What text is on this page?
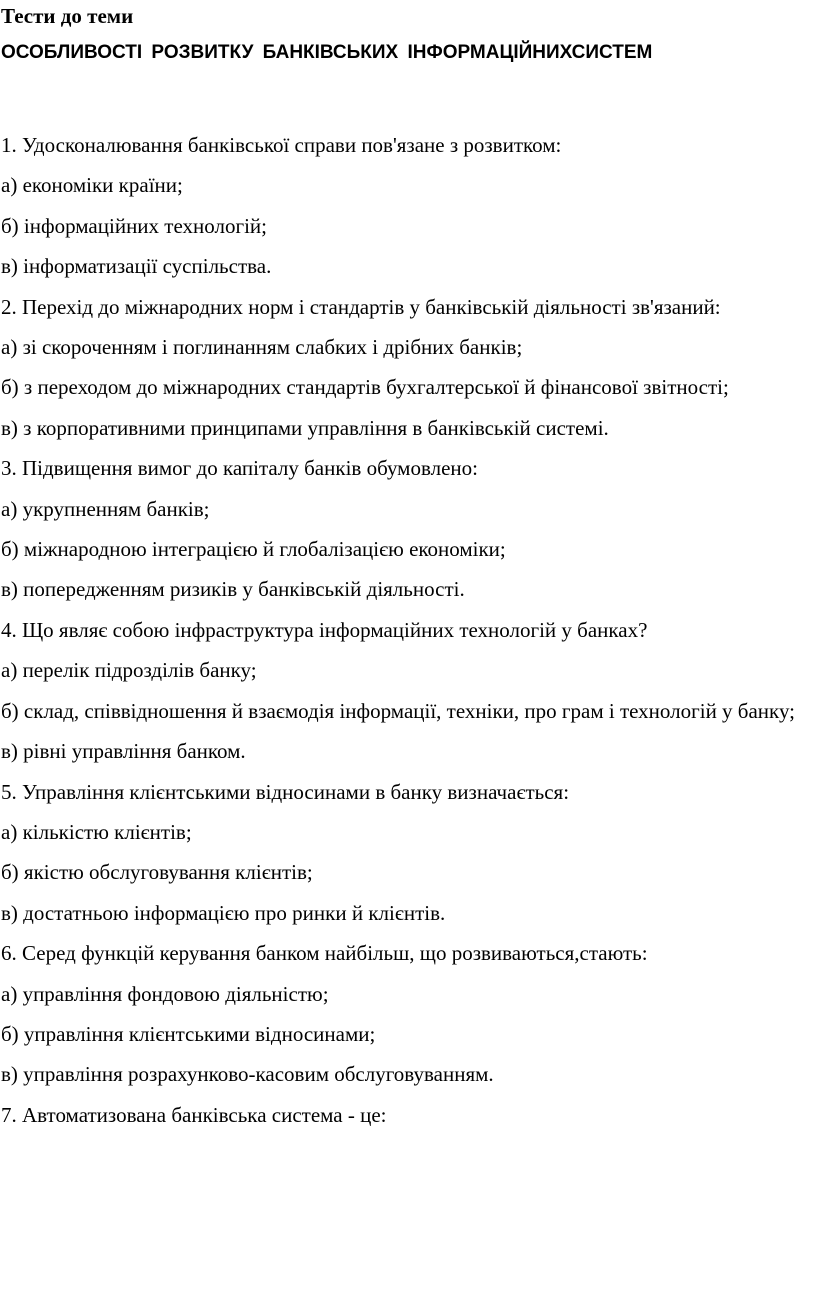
Тести до теми
ОСОБЛИВОСТІ РОЗВИТКУ БАНКІВСЬКИХ ІНФОРМАЦІЙНИХСИСТЕМ

1. Удосконалювання банківської справи пов'язане з розвитком:

а) економіки країни;

б) інформаційних технологій;

в) інформатизації суспільства.

2. Перехід до міжнародних норм і стандартів у банківській діяльності зв'язаний:

а) зі скороченням і поглинанням слабких і дрібних банків;

б) з переходом до міжнародних стандартів бухгалтерської й фінансової звітності;

в) з корпоративними принципами управління в банківській системі.

3. Підвищення вимог до капіталу банків обумовлено:

а) укрупненням банків;

б) міжнародною інтеграцією й глобалізацією економіки;

в) попередженням ризиків у банківській діяльності.

4. Що являє собою інфраструктура інформаційних технологій у банках?

а) перелік підрозділів банку;

б) склад, співвідношення й взаємодія інформації, техніки, про грам і технологій у банку;

в) рівні управління банком.

5. Управління клієнтськими відносинами в банку визначається:

а) кількістю клієнтів;

б) якістю обслуговування клієнтів;

в) достатньою інформацією про ринки й клієнтів.

6. Серед функцій керування банком найбільш, що розвиваються,стають:

а) управління фондовою діяльністю;

б) управління клієнтськими відносинами;

в) управління розрахунково-касовим обслуговуванням.

7. Автоматизована банківська система - це:
